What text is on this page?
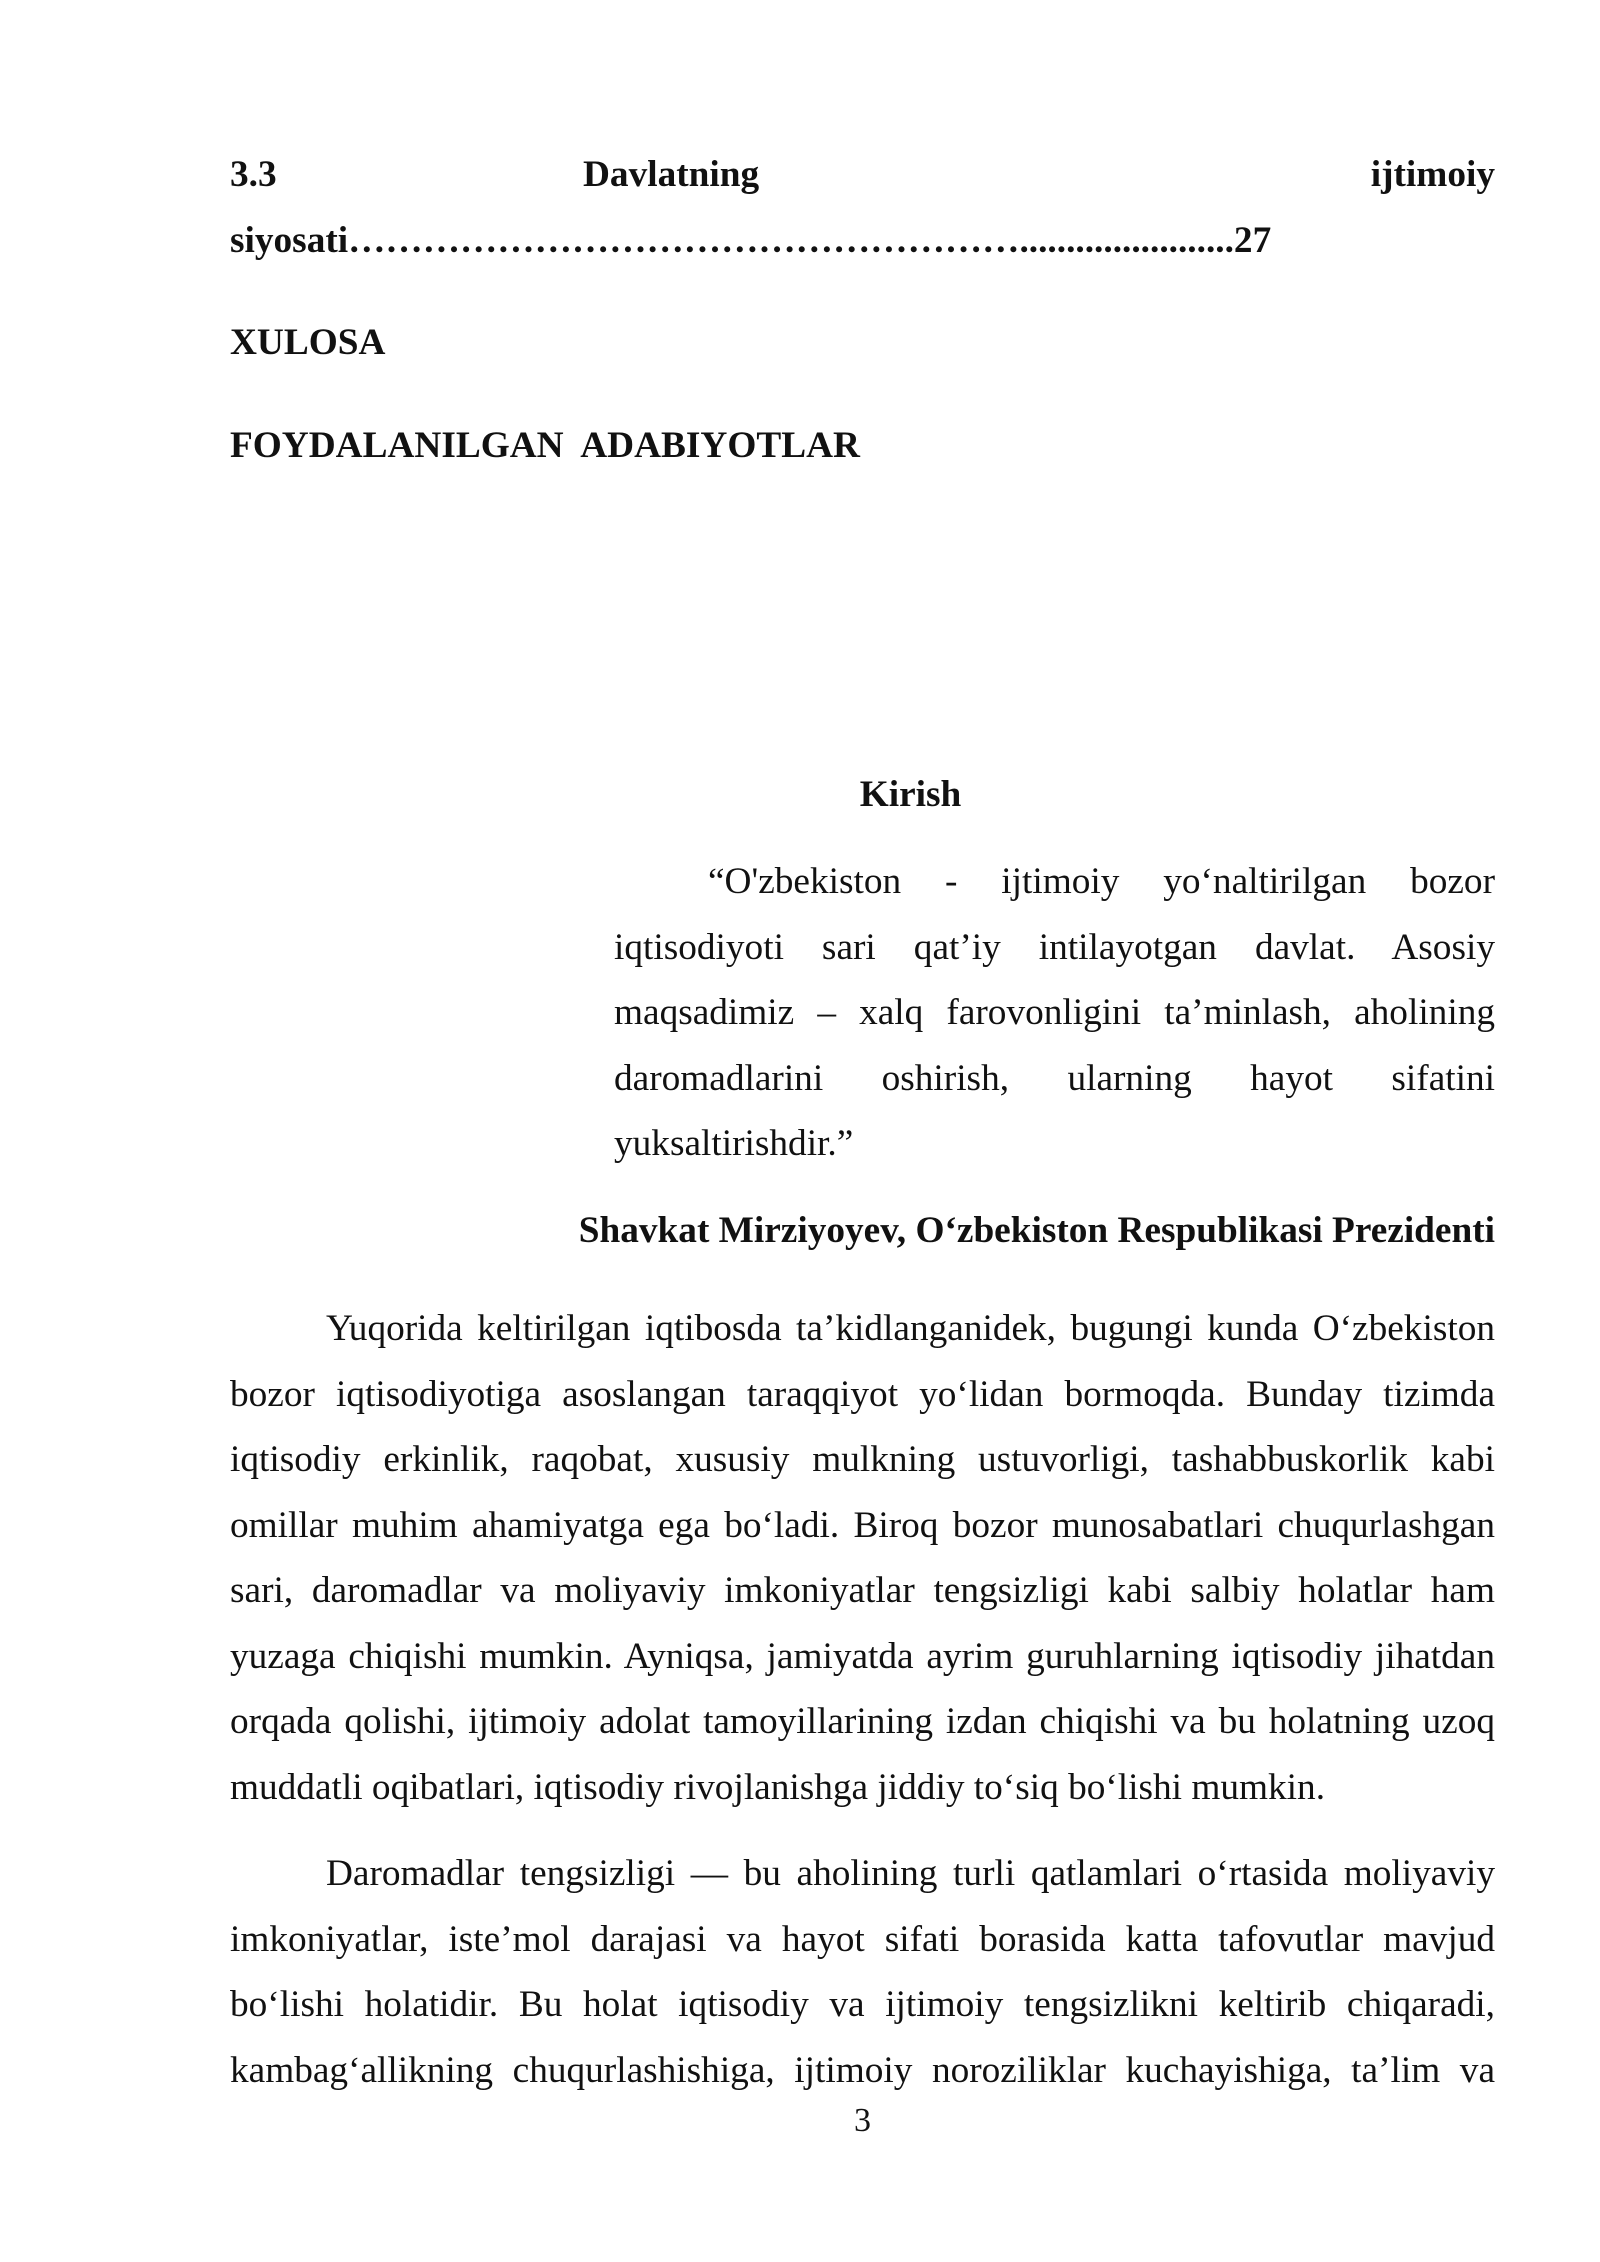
3.3	Davlatning	ijtimoiy
siyosati……………………………………………….......................27
XULOSA
FOYDALANILGAN  ADABIYOTLAR
Kirish
“O'zbekiston - ijtimoiy yo‘naltirilgan bozor
iqtisodiyoti sari qat’iy intilayotgan davlat. Asosiy
maqsadimiz – xalq farovonligini ta’minlash, aholining
daromadlarini oshirish, ularning hayot sifatini
yuksaltirishdir.”
Shavkat Mirziyoyev, O‘zbekiston Respublikasi Prezidenti
Yuqorida keltirilgan iqtibosda ta’kidlanganidek, bugungi kunda O‘zbekiston
bozor iqtisodiyotiga asoslangan taraqqiyot yo‘lidan bormoqda. Bunday tizimda
iqtisodiy erkinlik, raqobat, xususiy mulkning ustuvorligi, tashabbuskorlik kabi
omillar muhim ahamiyatga ega bo‘ladi. Biroq bozor munosabatlari chuqurlashgan
sari, daromadlar va moliyaviy imkoniyatlar tengsizligi kabi salbiy holatlar ham
yuzaga chiqishi mumkin. Ayniqsa, jamiyatda ayrim guruhlarning iqtisodiy jihatdan
orqada qolishi, ijtimoiy adolat tamoyillarining izdan chiqishi va bu holatning uzoq
muddatli oqibatlari, iqtisodiy rivojlanishga jiddiy to‘siq bo‘lishi mumkin.
Daromadlar tengsizligi — bu aholining turli qatlamlari o‘rtasida moliyaviy
imkoniyatlar, iste’mol darajasi va hayot sifati borasida katta tafovutlar mavjud
bo‘lishi holatidir. Bu holat iqtisodiy va ijtimoiy tengsizlikni keltirib chiqaradi,
kambag‘allikning chuqurlashishiga, ijtimoiy noroziliklar kuchayishiga, ta’lim va
3
